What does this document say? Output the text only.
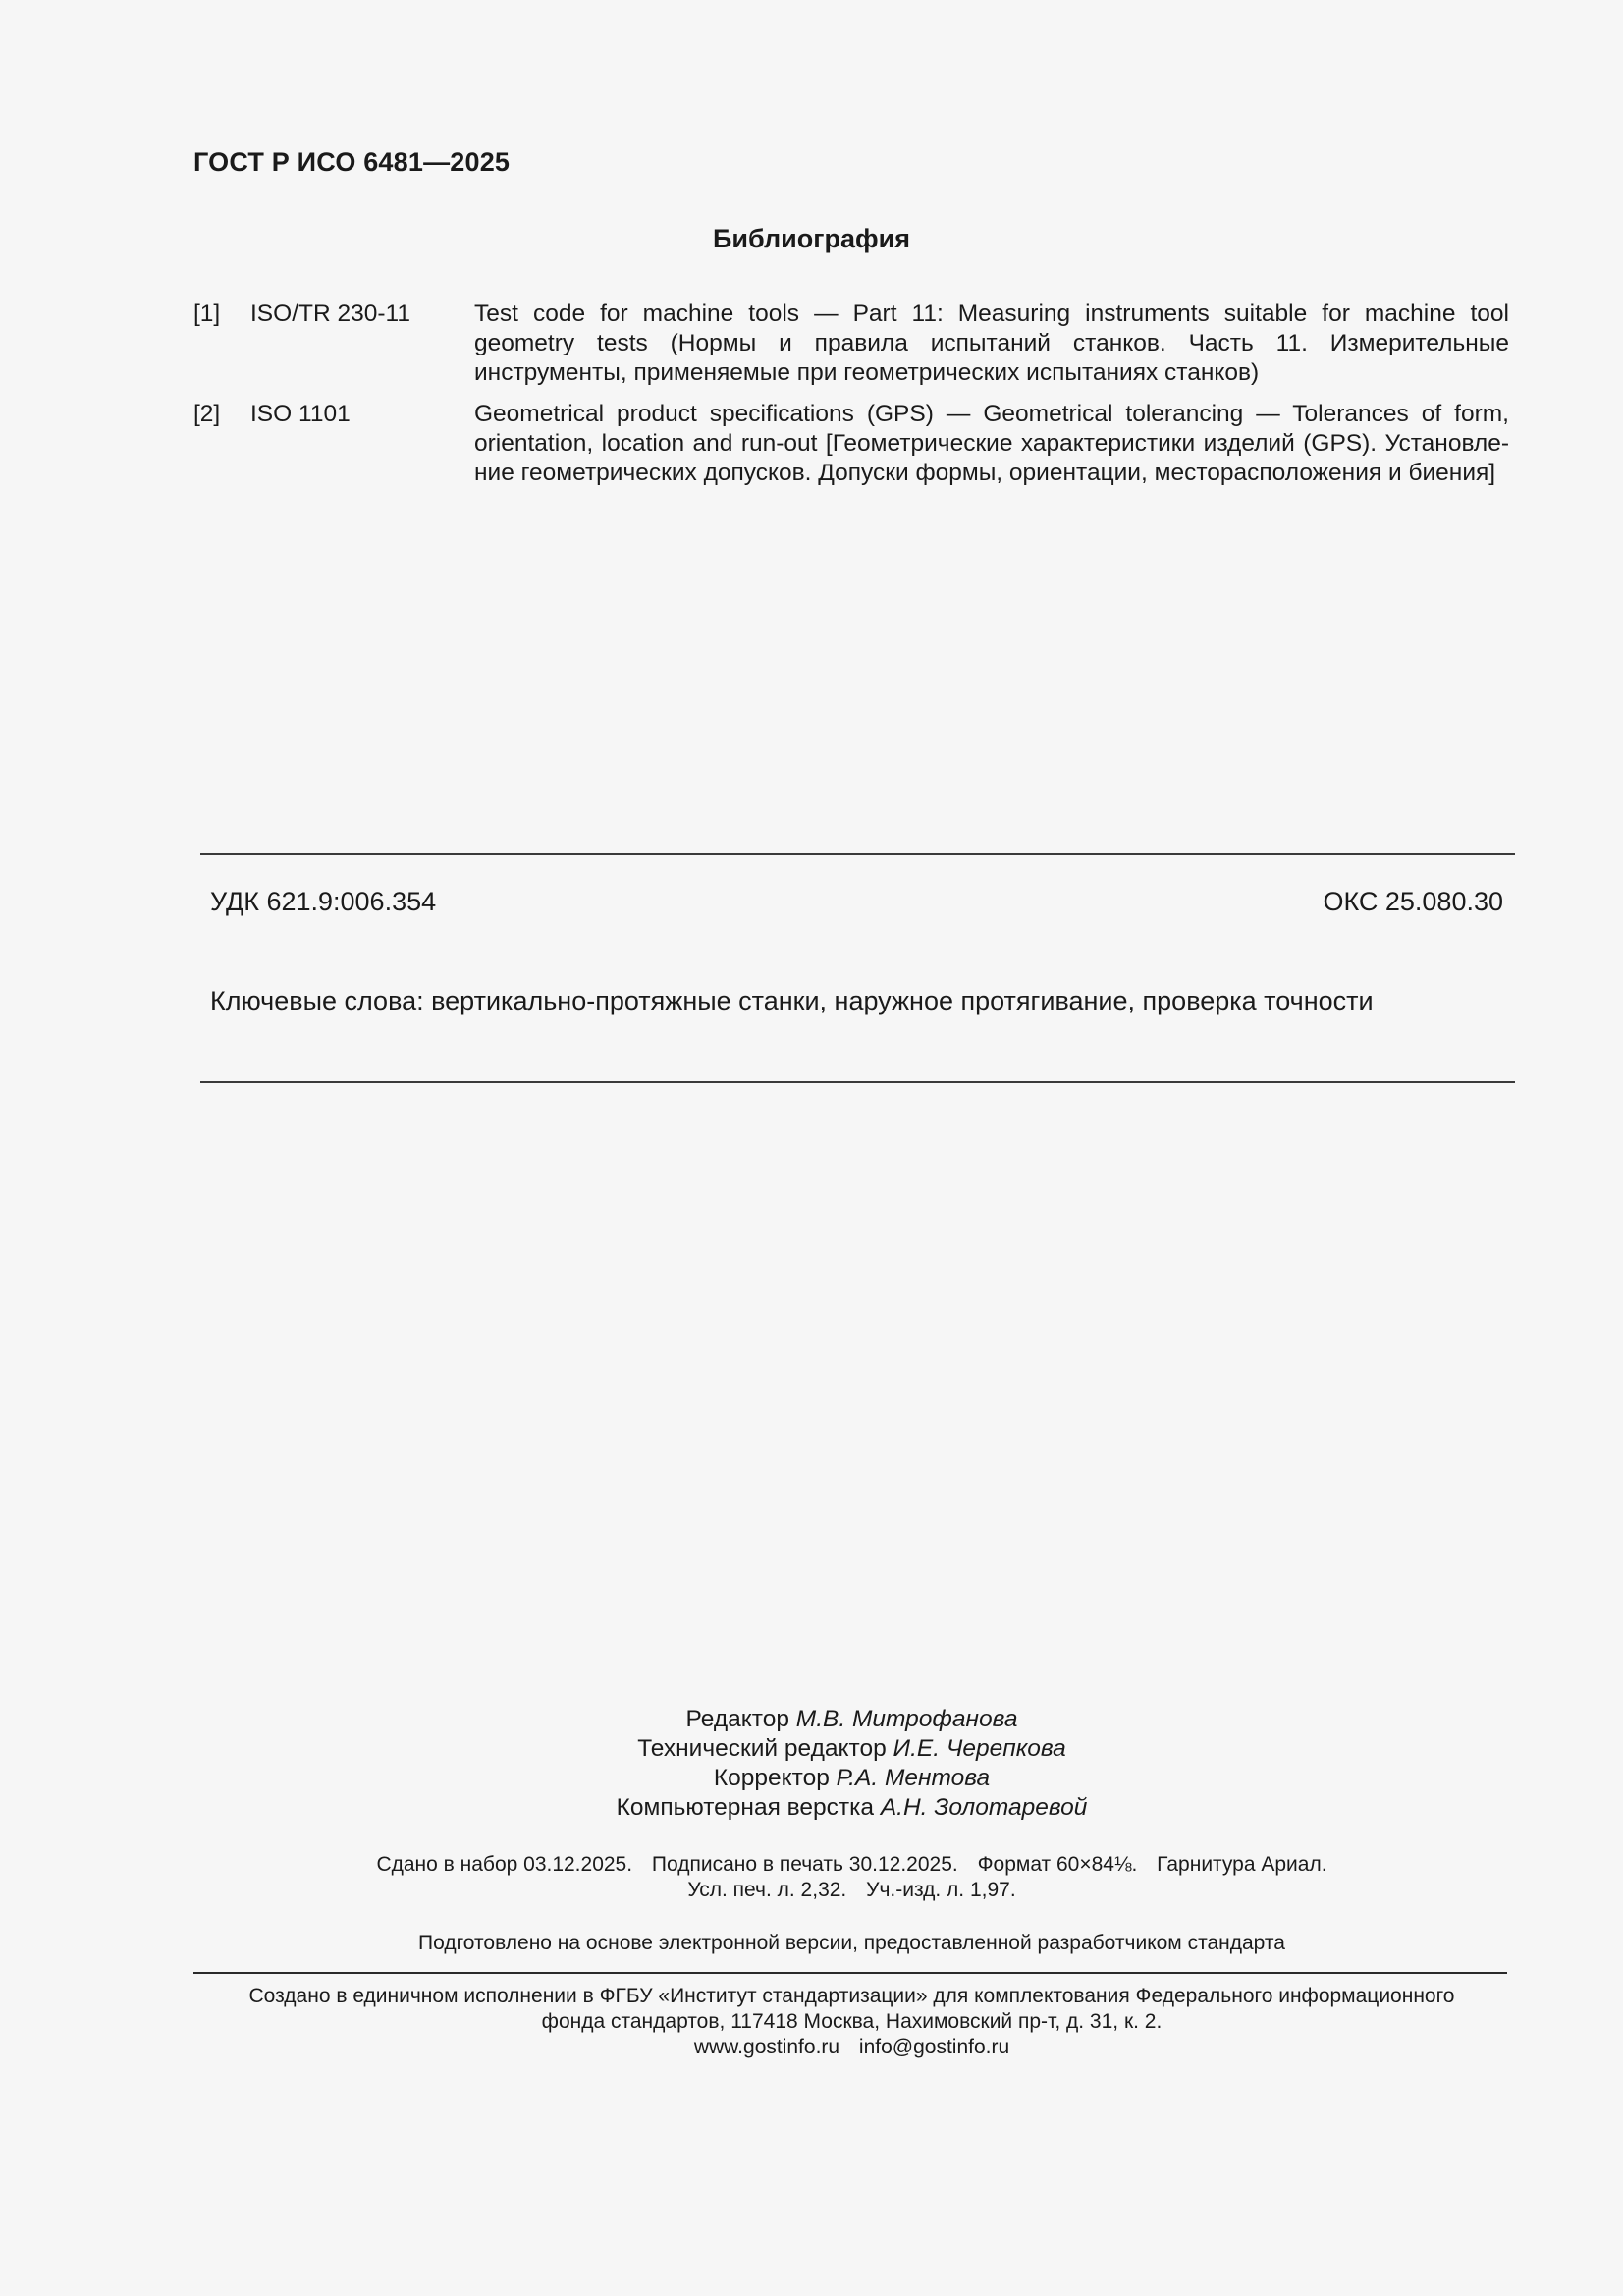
ГОСТ Р ИСО 6481—2025
Библиография
[1] ISO/TR 230-11	Test code for machine tools — Part 11: Measuring instruments suitable for machine tool geometry tests (Нормы и правила испытаний станков. Часть 11. Измерительные инструменты, применяемые при геометрических испытаниях станков)
[2] ISO 1101	Geometrical product specifications (GPS) — Geometrical tolerancing — Tolerances of form, orientation, location and run-out [Геометрические характеристики изделий (GPS). Установление геометрических допусков. Допуски формы, ориентации, месторасположения и биения]
УДК 621.9:006.354	ОКС 25.080.30
Ключевые слова: вертикально-протяжные станки, наружное протягивание, проверка точности
Редактор М.В. Митрофанова
Технический редактор И.Е. Черепкова
Корректор Р.А. Ментова
Компьютерная верстка А.Н. Золотаревой
Сдано в набор 03.12.2025. Подписано в печать 30.12.2025. Формат 60×84⅛. Гарнитура Ариал.
Усл. печ. л. 2,32. Уч.-изд. л. 1,97.
Подготовлено на основе электронной версии, предоставленной разработчиком стандарта
Создано в единичном исполнении в ФГБУ «Институт стандартизации» для комплектования Федерального информационного
фонда стандартов, 117418 Москва, Нахимовский пр-т, д. 31, к. 2.
www.gostinfo.ru info@gostinfo.ru
